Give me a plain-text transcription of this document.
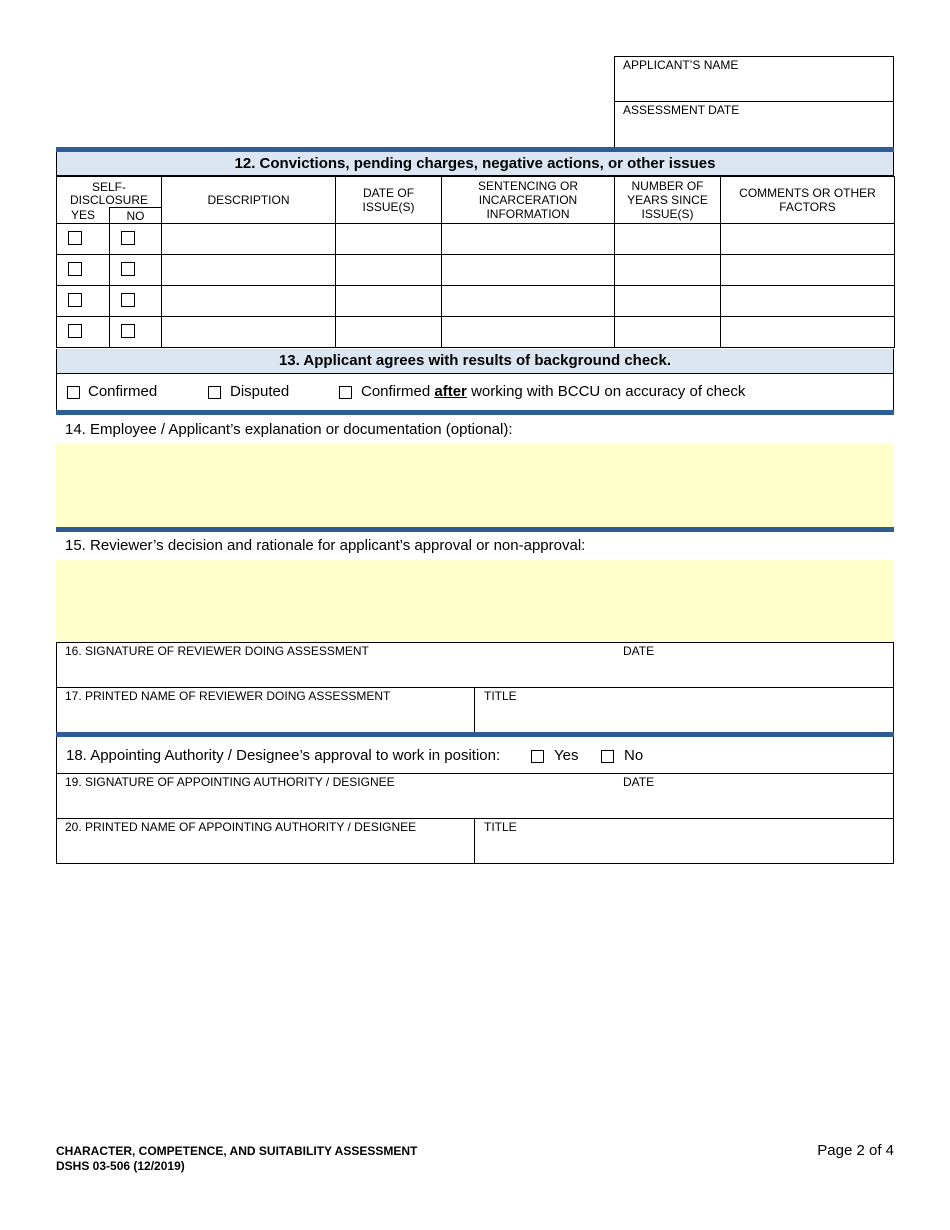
APPLICANT’S NAME
ASSESSMENT DATE
12. Convictions, pending charges, negative actions, or other issues
SELF-DISCLOSURE		DESCRIPTION	DATE OF ISSUE(S)	SENTENCING OR INCARCERATION INFORMATION	NUMBER OF YEARS SINCE ISSUE(S)	COMMENTS OR OTHER FACTORS

YES	NO					

13. Applicant agrees with results of background check.
Confirmed	Disputed	Confirmed after working with BCCU on accuracy of check
14. Employee / Applicant’s explanation or documentation (optional):
15. Reviewer’s decision and rationale for applicant’s approval or non-approval:
16. SIGNATURE OF REVIEWER DOING ASSESSMENT	DATE
17. PRINTED NAME OF REVIEWER DOING ASSESSMENT	TITLE
18. Appointing Authority / Designee’s approval to work in position:	Yes	No
19. SIGNATURE OF APPOINTING AUTHORITY / DESIGNEE	DATE
20. PRINTED NAME OF APPOINTING AUTHORITY / DESIGNEE	TITLE
CHARACTER, COMPETENCE, AND SUITABILITY ASSESSMENT
DSHS 03-506 (12/2019)
Page 2 of 4
